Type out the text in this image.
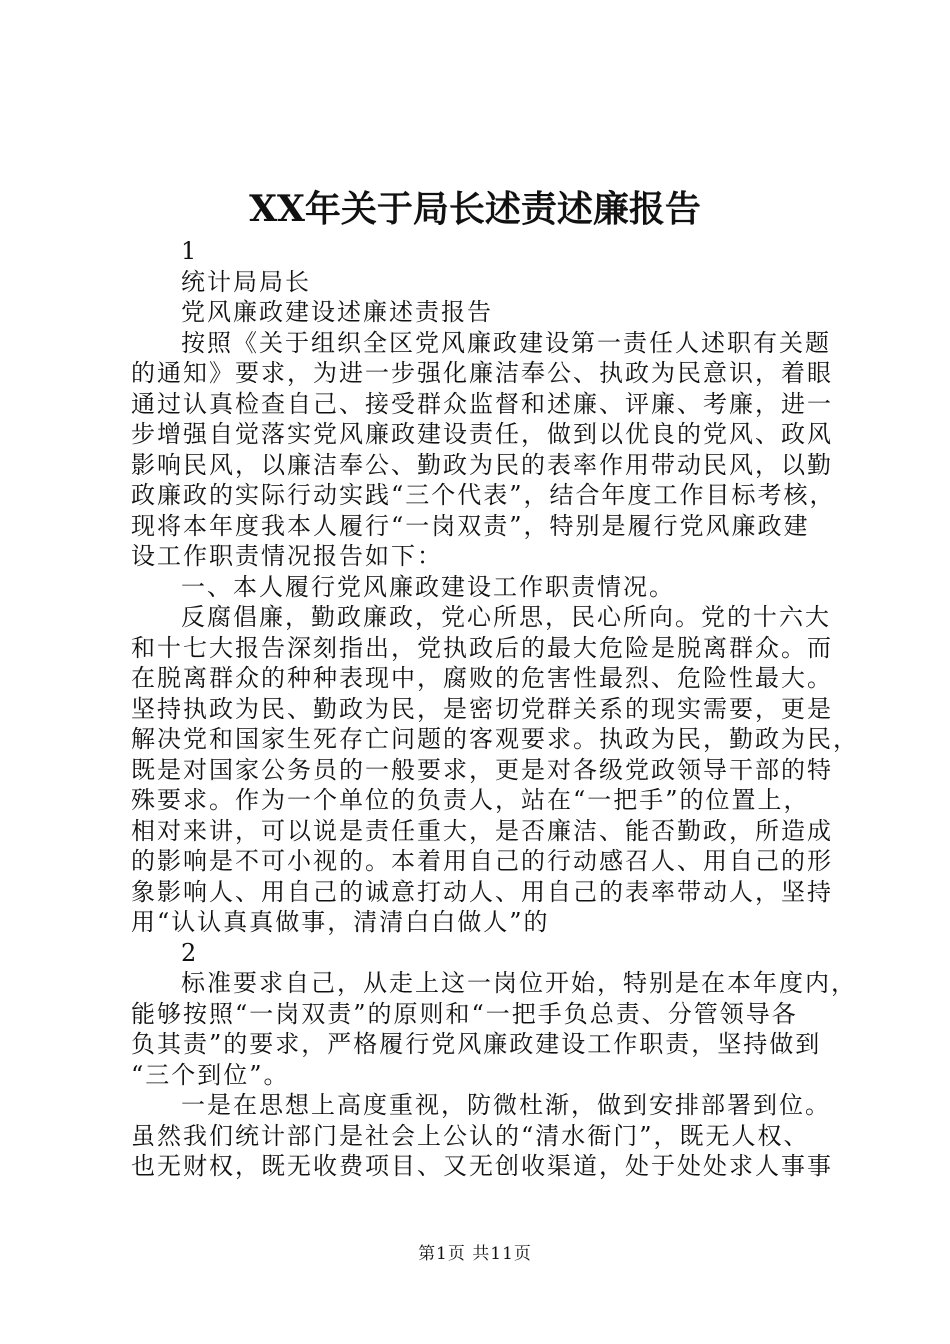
XX年关于局长述责述廉报告
1
统计局局长
党风廉政建设述廉述责报告
按照《关于组织全区党风廉政建设第一责任人述职有关题
的通知》要求，为进一步强化廉洁奉公、执政为民意识，着眼
通过认真检查自己、接受群众监督和述廉、评廉、考廉，进一
步增强自觉落实党风廉政建设责任，做到以优良的党风、政风
影响民风，以廉洁奉公、勤政为民的表率作用带动民风，以勤
政廉政的实际行动实践“三个代表”，结合年度工作目标考核，
现将本年度我本人履行“一岗双责”，特别是履行党风廉政建
设工作职责情况报告如下：
一、本人履行党风廉政建设工作职责情况。
反腐倡廉，勤政廉政，党心所思，民心所向。党的十六大
和十七大报告深刻指出，党执政后的最大危险是脱离群众。而
在脱离群众的种种表现中，腐败的危害性最烈、危险性最大。
坚持执政为民、勤政为民，是密切党群关系的现实需要，更是
解决党和国家生死存亡问题的客观要求。执政为民，勤政为民，
既是对国家公务员的一般要求，更是对各级党政领导干部的特
殊要求。作为一个单位的负责人，站在“一把手”的位置上，
相对来讲，可以说是责任重大，是否廉洁、能否勤政，所造成
的影响是不可小视的。本着用自己的行动感召人、用自己的形
象影响人、用自己的诚意打动人、用自己的表率带动人，坚持
用“认认真真做事，清清白白做人”的
2
标准要求自己，从走上这一岗位开始，特别是在本年度内，
能够按照“一岗双责”的原则和“一把手负总责、分管领导各
负其责”的要求，严格履行党风廉政建设工作职责，坚持做到
“三个到位”。
一是在思想上高度重视，防微杜渐，做到安排部署到位。
虽然我们统计部门是社会上公认的“清水衙门”，既无人权、
也无财权，既无收费项目、又无创收渠道，处于处处求人事事
第1页 共11页
